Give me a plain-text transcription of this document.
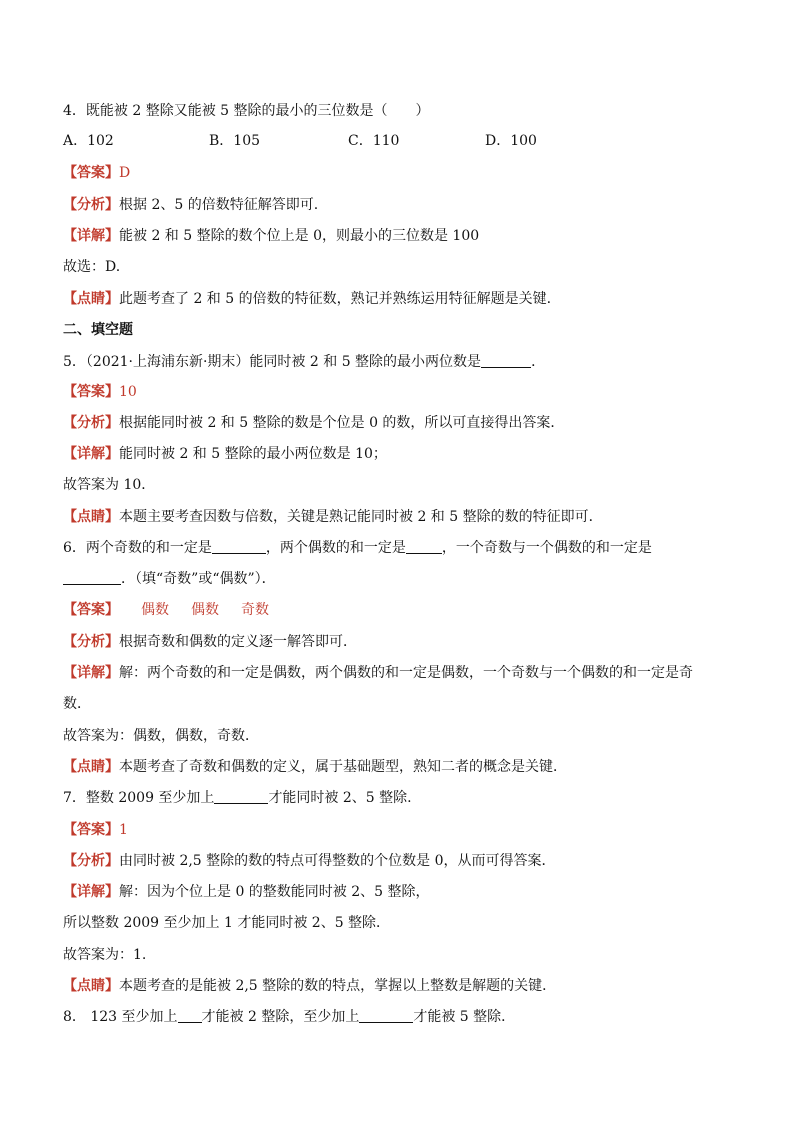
4．既能被 2 整除又能被 5 整除的最小的三位数是（　　）
A．102	B．105	C．110	D．100
【答案】D
【分析】根据 2、5 的倍数特征解答即可.
【详解】能被 2 和 5 整除的数个位上是 0，则最小的三位数是 100
故选：D.
【点睛】此题考查了 2 和 5 的倍数的特征数，熟记并熟练运用特征解题是关键.
二、填空题
5．（2021·上海浦东新·期末）能同时被 2 和 5 整除的最小两位数是	．
【答案】10
【分析】根据能同时被 2 和 5 整除的数是个位是 0 的数，所以可直接得出答案．
【详解】能同时被 2 和 5 整除的最小两位数是 10；
故答案为 10．
【点睛】本题主要考查因数与倍数，关键是熟记能同时被 2 和 5 整除的数的特征即可．
6．两个奇数的和一定是	，两个偶数的和一定是	，一个奇数与一个偶数的和一定是
．（填“奇数”或“偶数”）．
【答案】 偶数 偶数 奇数
【分析】根据奇数和偶数的定义逐一解答即可．
【详解】解：两个奇数的和一定是偶数，两个偶数的和一定是偶数，一个奇数与一个偶数的和一定是奇
数．
故答案为：偶数，偶数，奇数．
【点睛】本题考查了奇数和偶数的定义，属于基础题型，熟知二者的概念是关键．
7．整数 2009 至少加上	才能同时被 2、5 整除.
【答案】1
【分析】由同时被 2,5 整除的数的特点可得整数的个位数是 0，从而可得答案．
【详解】解：因为个位上是 0 的整数能同时被 2、5 整除，
所以整数 2009 至少加上 1 才能同时被 2、5 整除．
故答案为：1.
【点睛】本题考查的是能被 2,5 整除的数的特点，掌握以上整数是解题的关键．
8． 123 至少加上 才能被 2 整除，至少加上	才能被 5 整除．
